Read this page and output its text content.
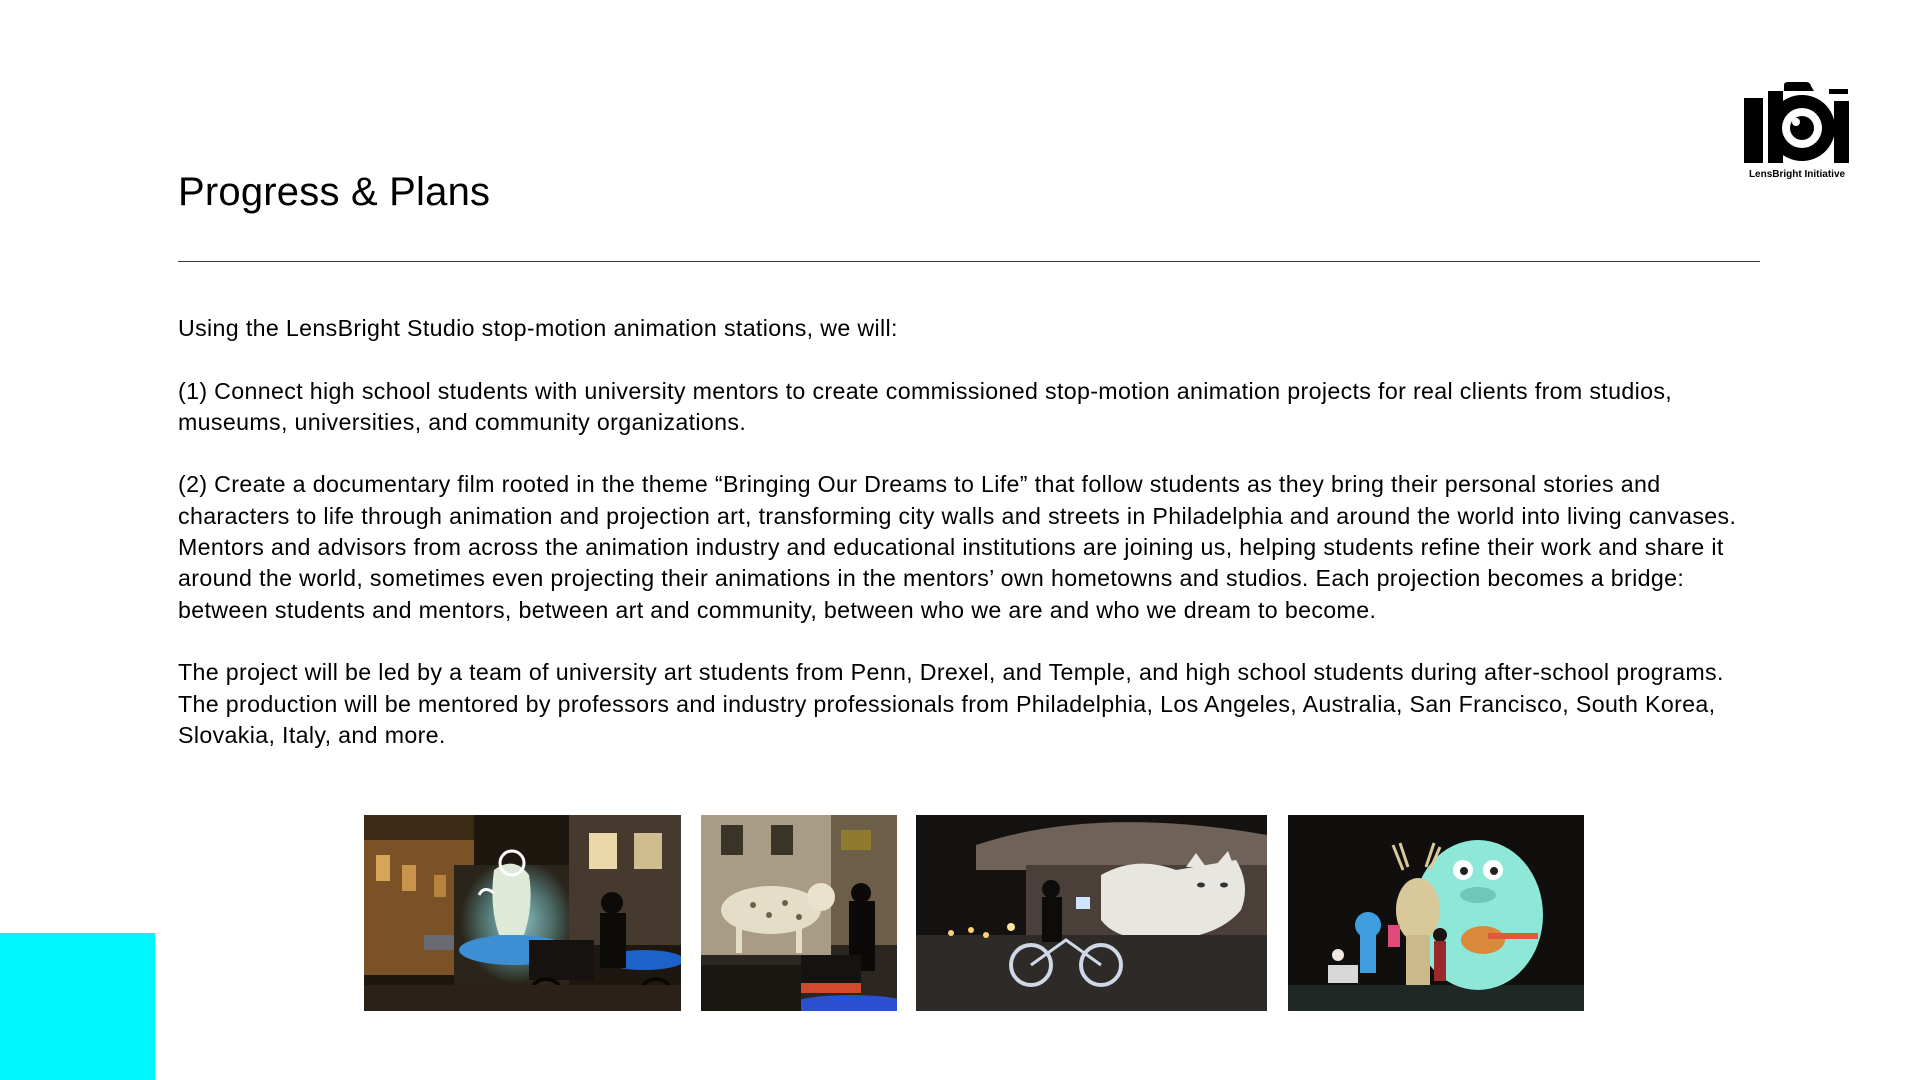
Progress & Plans	LensBright Initiative

Using the LensBright Studio stop-motion animation stations, we will:

(1) Connect high school students with university mentors to create commissioned stop-motion animation projects for real clients from studios, museums, universities, and community organizations.

(2) Create a documentary film rooted in the theme “Bringing Our Dreams to Life” that follow students as they bring their personal stories and characters to life through animation and projection art, transforming city walls and streets in Philadelphia and around the world into living canvases. Mentors and advisors from across the animation industry and educational institutions are joining us, helping students refine their work and share it around the world, sometimes even projecting their animations in the mentors’ own hometowns and studios. Each projection becomes a bridge: between students and mentors, between art and community, between who we are and who we dream to become.

The project will be led by a team of university art students from Penn, Drexel, and Temple, and high school students during after-school programs. The production will be mentored by professors and industry professionals from Philadelphia, Los Angeles, Australia, San Francisco, South Korea, Slovakia, Italy, and more.
